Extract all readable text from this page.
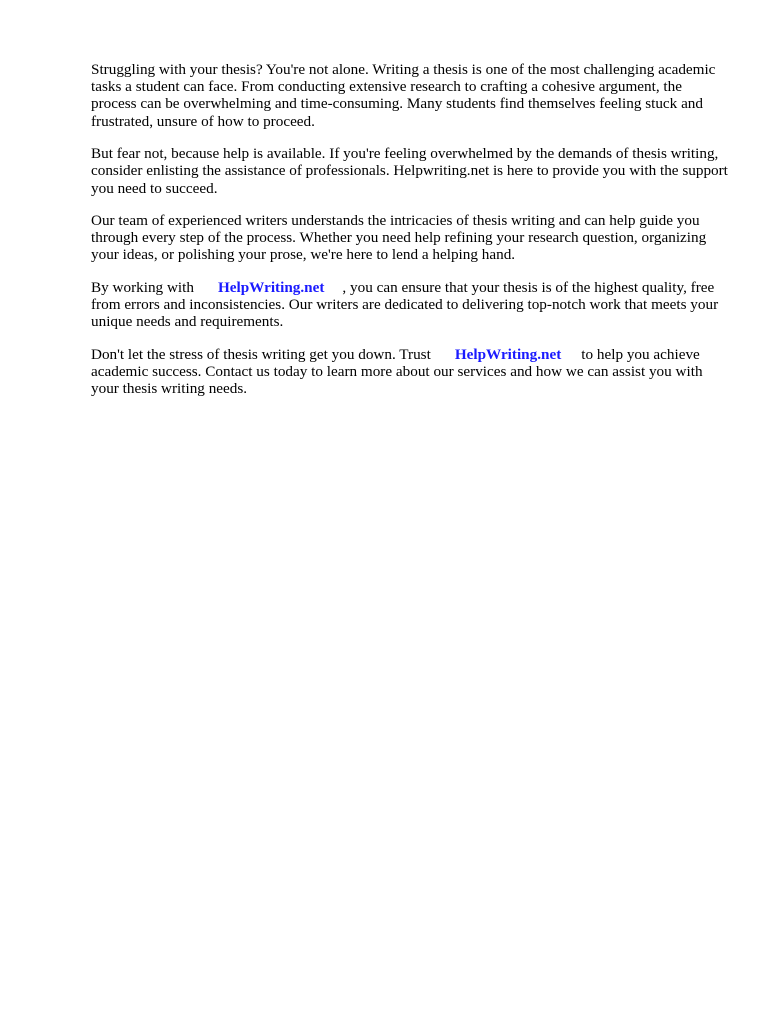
Struggling with your thesis? You're not alone. Writing a thesis is one of the most challenging academic tasks a student can face. From conducting extensive research to crafting a cohesive argument, the process can be overwhelming and time-consuming. Many students find themselves feeling stuck and frustrated, unsure of how to proceed.

But fear not, because help is available. If you're feeling overwhelmed by the demands of thesis writing, consider enlisting the assistance of professionals. Helpwriting.net is here to provide you with the support you need to succeed.

Our team of experienced writers understands the intricacies of thesis writing and can help guide you through every step of the process. Whether you need help refining your research question, organizing your ideas, or polishing your prose, we're here to lend a helping hand.

By working with HelpWriting.net , you can ensure that your thesis is of the highest quality, free from errors and inconsistencies. Our writers are dedicated to delivering top-notch work that meets your unique needs and requirements.

Don't let the stress of thesis writing get you down. Trust HelpWriting.net to help you achieve academic success. Contact us today to learn more about our services and how we can assist you with your thesis writing needs.
